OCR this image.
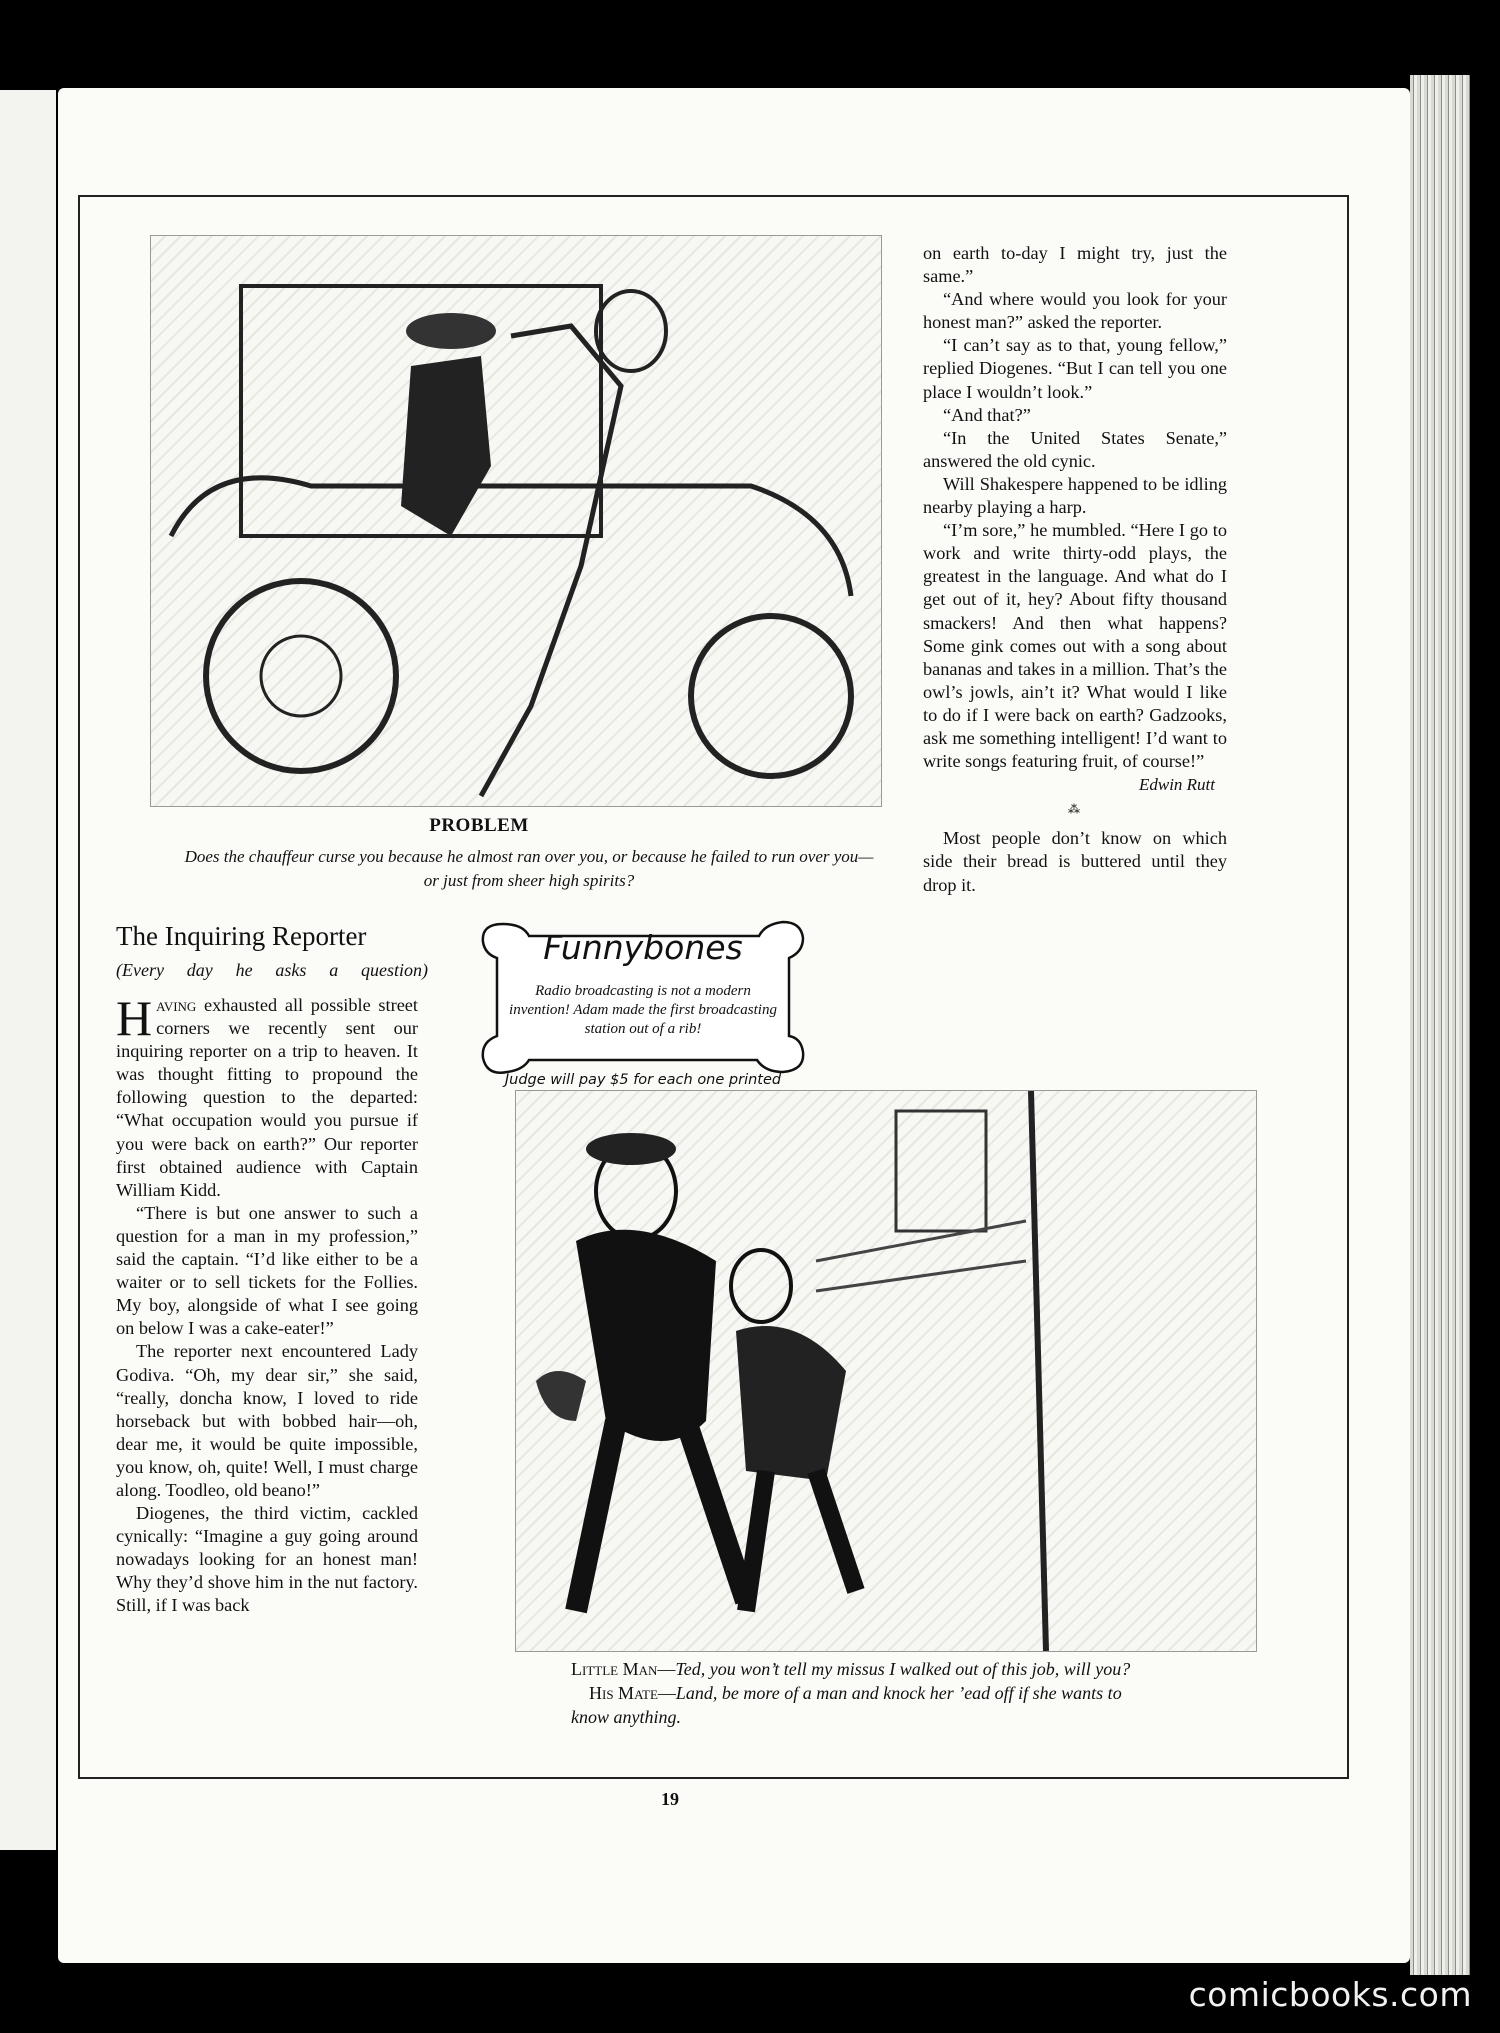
PROBLEM
Does the chauffeur curse you because he almost ran over you, or because he failed to run over you—or just from sheer high spirits?
The Inquiring Reporter
(Every day he asks a question)

Having exhausted all possible street corners we recently sent our inquiring reporter on a trip to heaven. It was thought fitting to propound the following question to the departed: “What occupation would you pursue if you were back on earth?” Our reporter first obtained audience with Captain William Kidd.

“There is but one answer to such a question for a man in my profession,” said the captain. “I’d like either to be a waiter or to sell tickets for the Follies. My boy, alongside of what I see going on below I was a cake-eater!”

The reporter next encountered Lady Godiva. “Oh, my dear sir,” she said, “really, doncha know, I loved to ride horseback but with bobbed hair—oh, dear me, it would be quite impossible, you know, oh, quite! Well, I must charge along. Toodleo, old beano!”

Diogenes, the third victim, cackled cynically: “Imagine a guy going around nowadays looking for an honest man! Why they’d shove him in the nut factory. Still, if I was back

on earth to-day I might try, just the same.”

“And where would you look for your honest man?” asked the reporter.

“I can’t say as to that, young fellow,” replied Diogenes. “But I can tell you one place I wouldn’t look.”

“And that?”

“In the United States Senate,” answered the old cynic.

Will Shakespere happened to be idling nearby playing a harp.

“I’m sore,” he mumbled. “Here I go to work and write thirty-odd plays, the greatest in the language. And what do I get out of it, hey? About fifty thousand smackers! And then what happens? Some gink comes out with a song about bananas and takes in a million. That’s the owl’s jowls, ain’t it? What would I like to do if I were back on earth? Gadzooks, ask me something intelligent! I’d want to write songs featuring fruit, of course!”

Edwin Rutt
⁂

Most people don’t know on which side their bread is buttered until they drop it.

Funnybones
Radio broadcasting is not a modern invention! Adam made the first broadcasting station out of a rib!
Judge will pay $5 for each one printed
Little Man—Ted, you won’t tell my missus I walked out of this job, will you?
His Mate—Land, be more of a man and knock her ’ead off if she wants to know anything.
19
comicbooks.com
